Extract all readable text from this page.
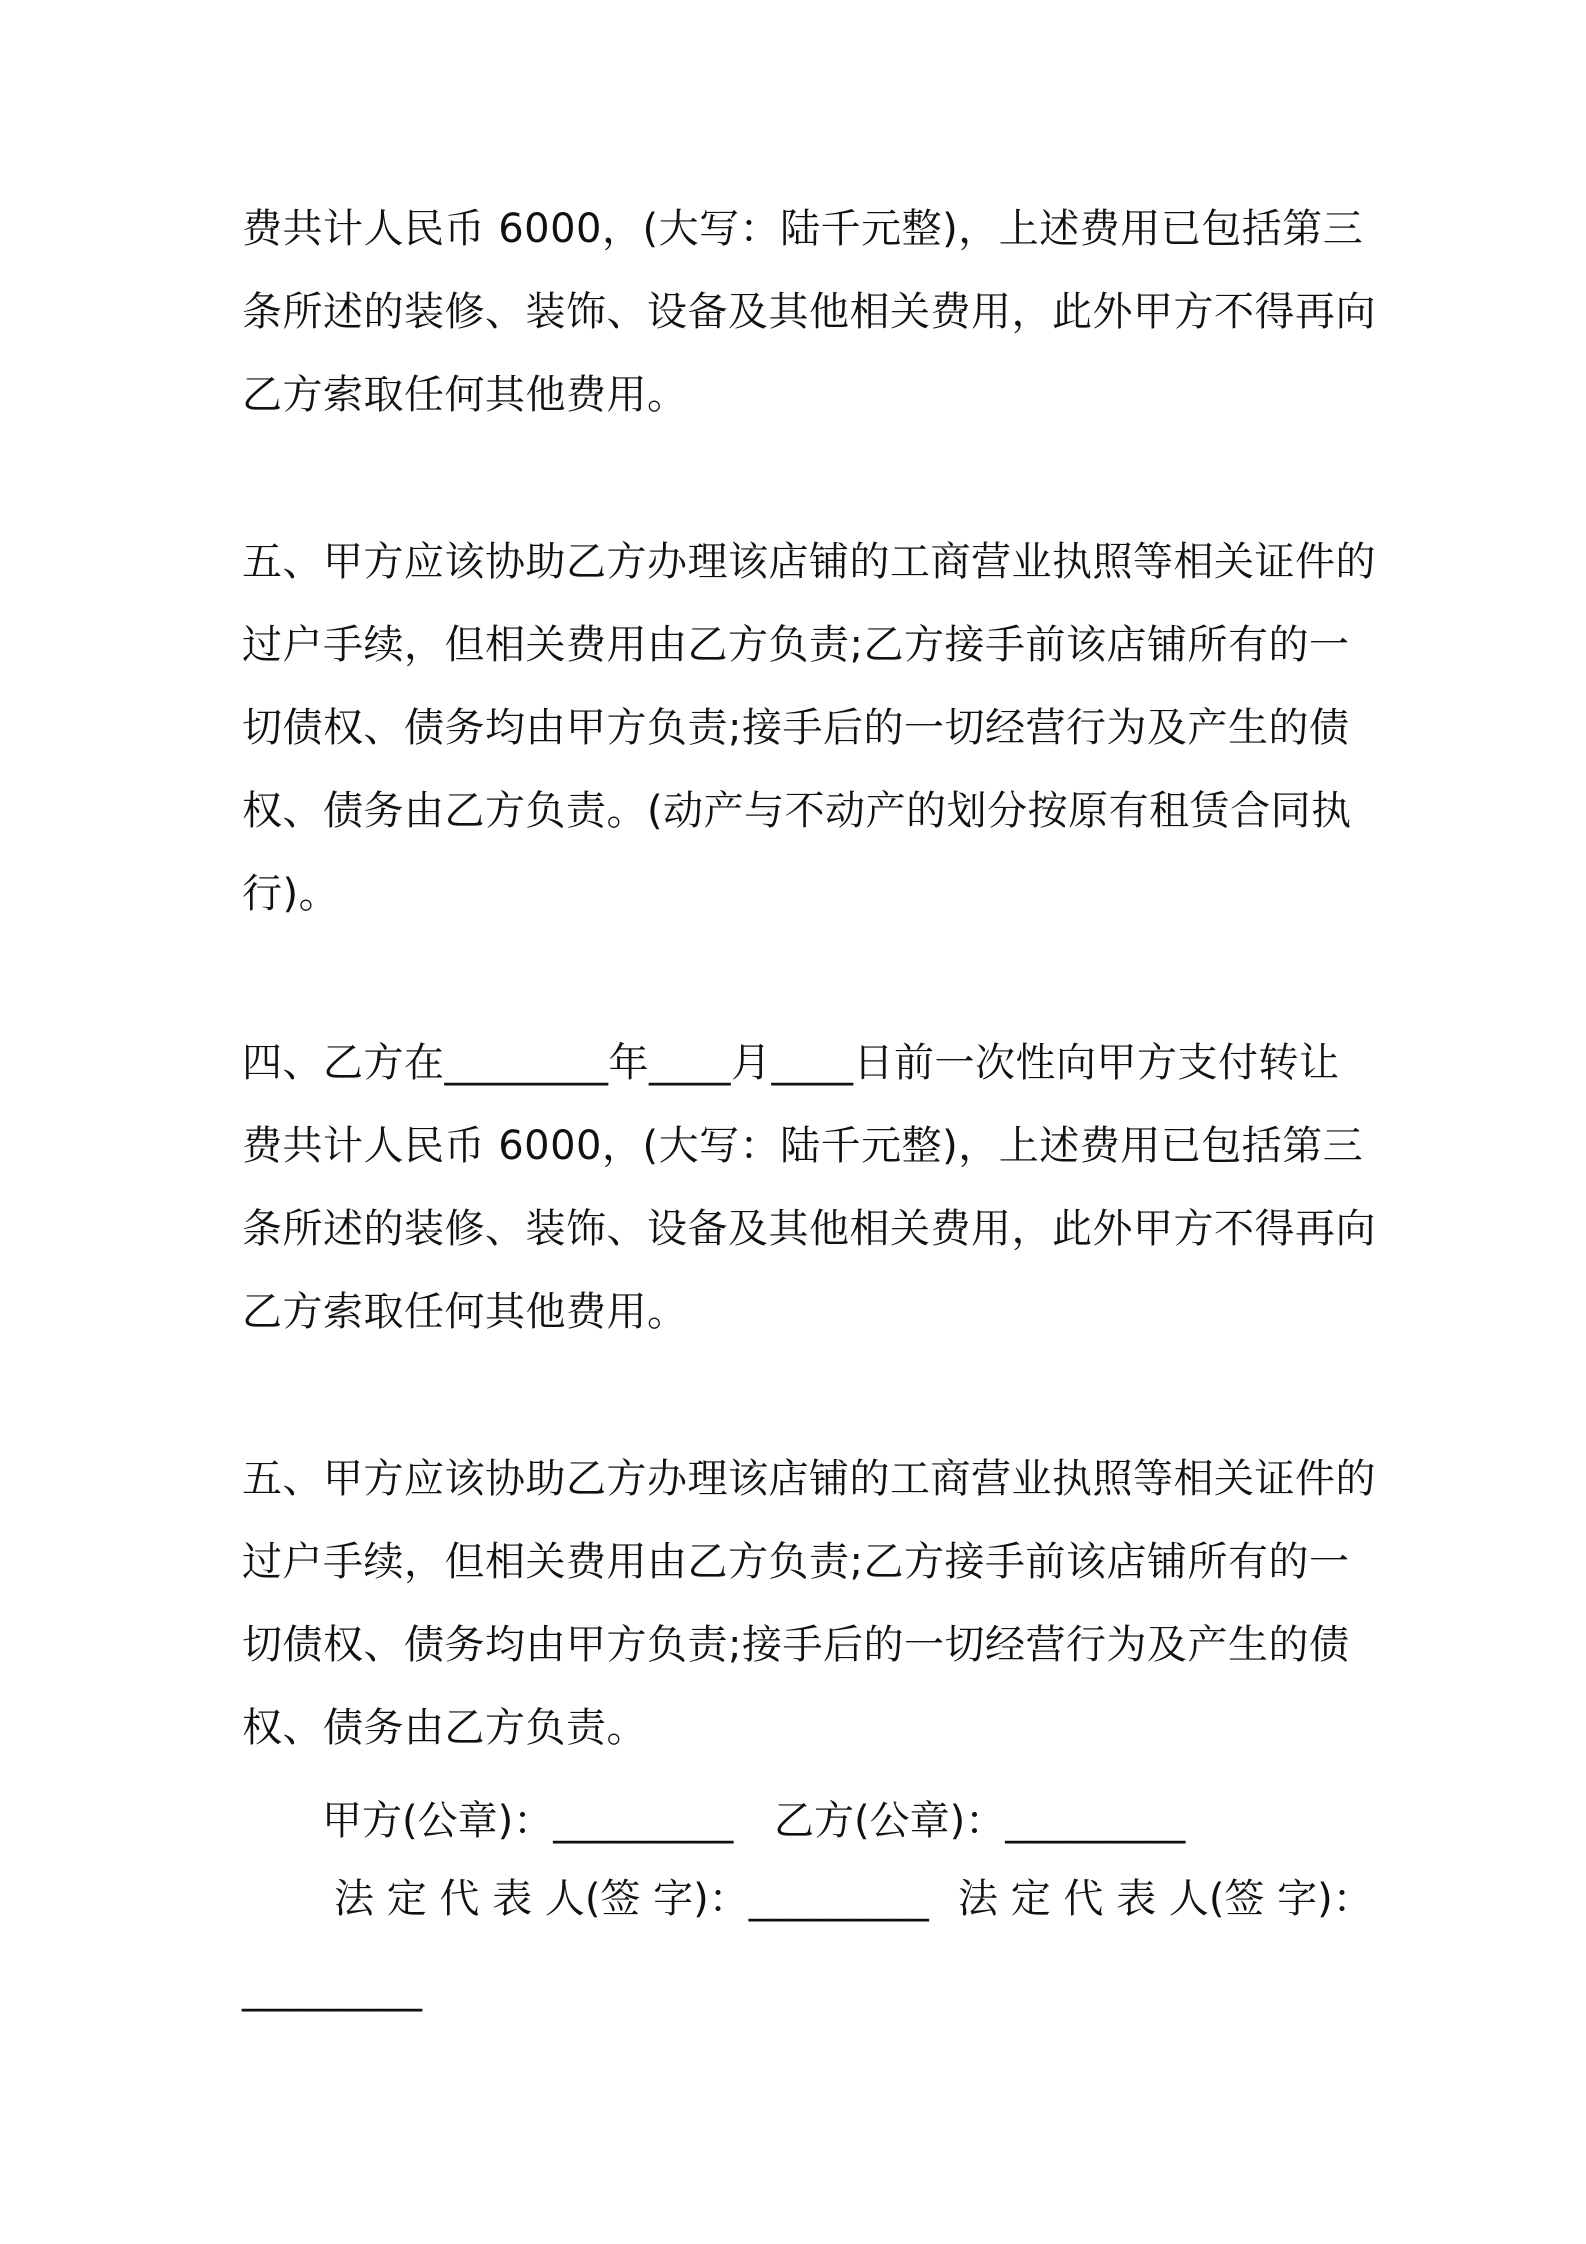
费共计人民币 6000，(大写：陆千元整)，上述费用已包括第三
条所述的装修、装饰、设备及其他相关费用，此外甲方不得再向
乙方索取任何其他费用。
五、甲方应该协助乙方办理该店铺的工商营业执照等相关证件的
过户手续，但相关费用由乙方负责;乙方接手前该店铺所有的一
切债权、债务均由甲方负责;接手后的一切经营行为及产生的债
权、债务由乙方负责。(动产与不动产的划分按原有租赁合同执
行)。
四、乙方在________年____月____日前一次性向甲方支付转让
费共计人民币 6000，(大写：陆千元整)，上述费用已包括第三
条所述的装修、装饰、设备及其他相关费用，此外甲方不得再向
乙方索取任何其他费用。
五、甲方应该协助乙方办理该店铺的工商营业执照等相关证件的
过户手续，但相关费用由乙方负责;乙方接手前该店铺所有的一
切债权、债务均由甲方负责;接手后的一切经营行为及产生的债
权、债务由乙方负责。
甲方(公章)：_________ 乙方(公章)：_________
法 定 代 表 人(签 字)：_________ 法 定 代 表 人(签 字)：
_________
